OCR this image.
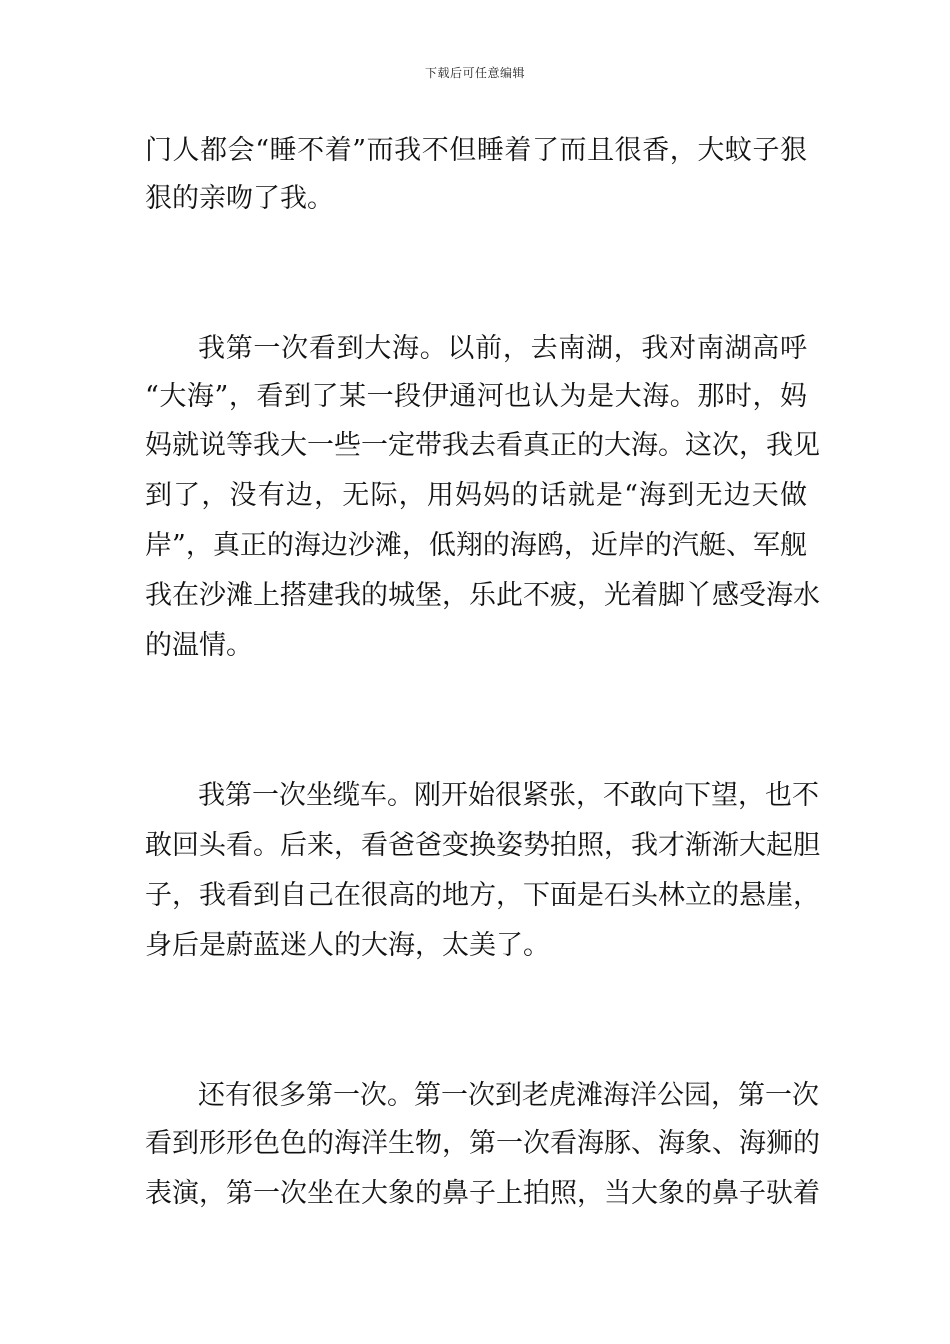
下载后可任意编辑
门人都会“睡不着”而我不但睡着了而且很香，大蚊子狠
狠的亲吻了我。
我第一次看到大海。以前，去南湖，我对南湖高呼
“大海”，看到了某一段伊通河也认为是大海。那时，妈
妈就说等我大一些一定带我去看真正的大海。这次，我见
到了，没有边，无际，用妈妈的话就是“海到无边天做
岸”，真正的海边沙滩，低翔的海鸥，近岸的汽艇、军舰
我在沙滩上搭建我的城堡，乐此不疲，光着脚丫感受海水
的温情。
我第一次坐缆车。刚开始很紧张，不敢向下望，也不
敢回头看。后来，看爸爸变换姿势拍照，我才渐渐大起胆
子，我看到自己在很高的地方，下面是石头林立的悬崖，
身后是蔚蓝迷人的大海，太美了。
还有很多第一次。第一次到老虎滩海洋公园，第一次
看到形形色色的海洋生物，第一次看海豚、海象、海狮的
表演，第一次坐在大象的鼻子上拍照，当大象的鼻子驮着
